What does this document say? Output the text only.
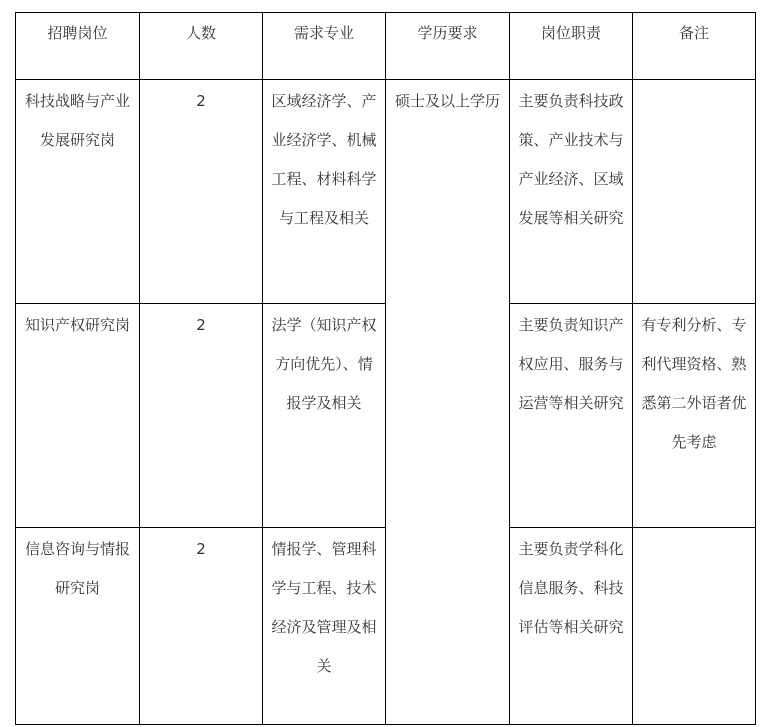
招聘岗位	人数	需求专业	学历要求	岗位职责	备注

科技战略与产业发展研究岗	2	区域经济学、产业经济学、机械工程、材料科学与工程及相关	硕士及以上学历	主要负责科技政策、产业技术与产业经济、区域发展等相关研究	

知识产权研究岗	2	法学（知识产权方向优先）、情报学及相关		主要负责知识产权应用、服务与运营等相关研究	有专利分析、专利代理资格、熟悉第二外语者优先考虑

信息咨询与情报研究岗	2	情报学、管理科学与工程、技术经济及管理及相关		主要负责学科化信息服务、科技评估等相关研究	
